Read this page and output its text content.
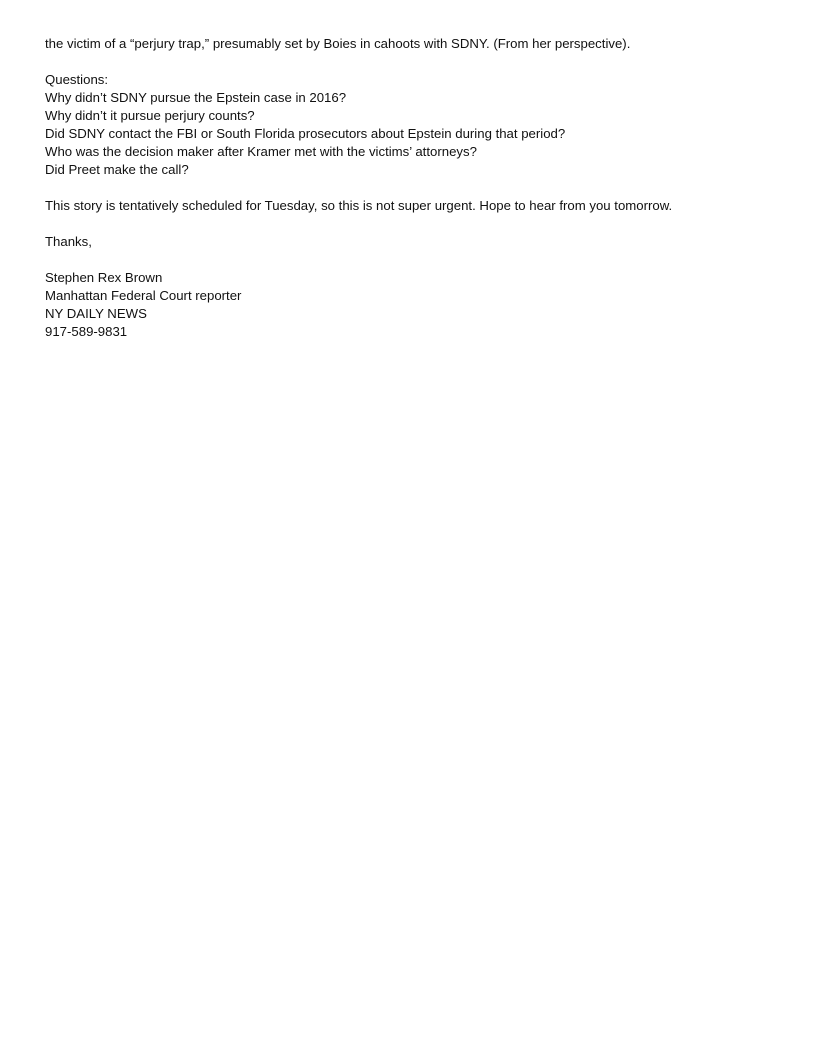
the victim of a “perjury trap,” presumably set by Boies in cahoots with SDNY. (From her perspective).
Questions:
Why didn’t SDNY pursue the Epstein case in 2016?
Why didn’t it pursue perjury counts?
Did SDNY contact the FBI or South Florida prosecutors about Epstein during that period?
Who was the decision maker after Kramer met with the victims’ attorneys?
Did Preet make the call?
This story is tentatively scheduled for Tuesday, so this is not super urgent. Hope to hear from you tomorrow.
Thanks,
Stephen Rex Brown
Manhattan Federal Court reporter
NY DAILY NEWS
917-589-9831
